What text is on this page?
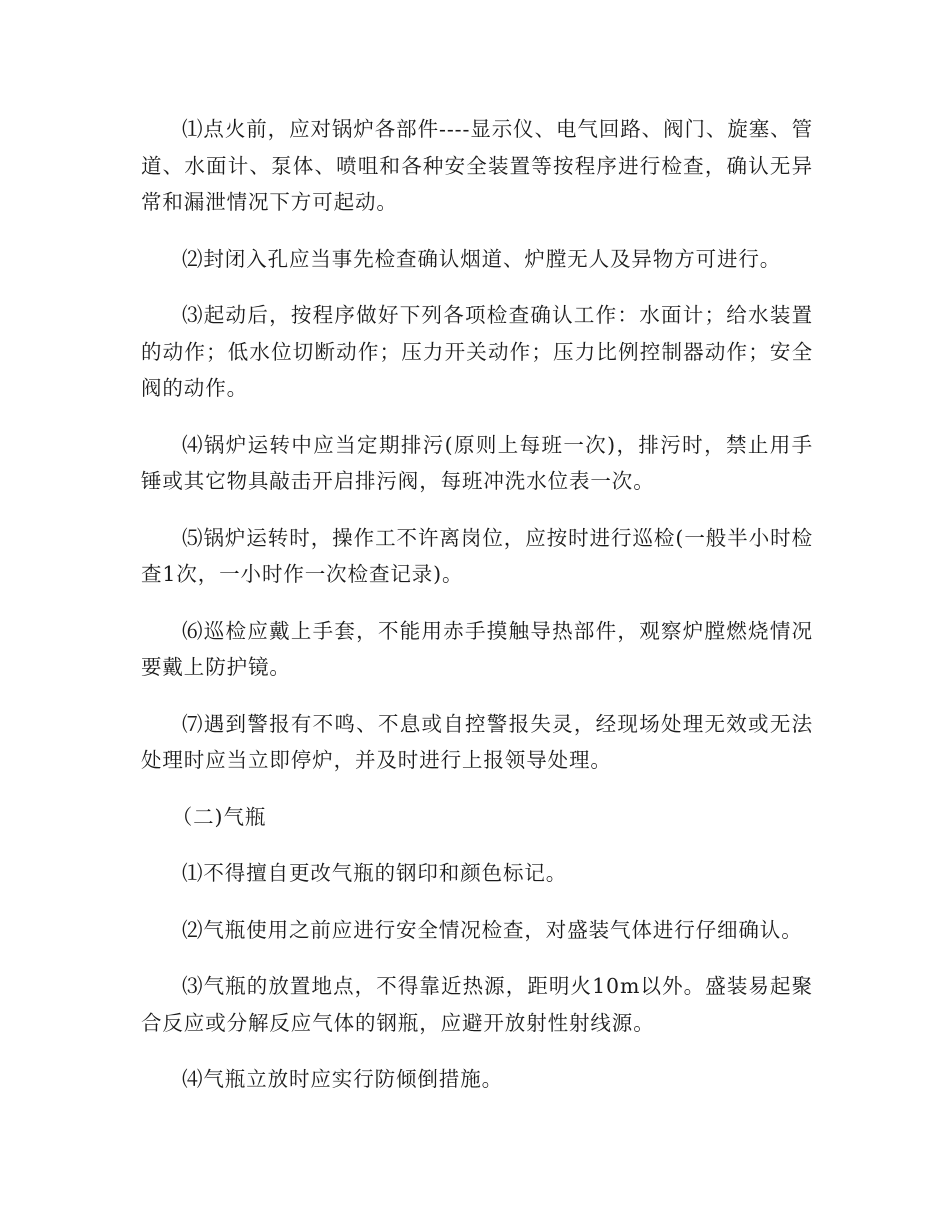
⑴点火前，应对锅炉各部件----显示仪、电气回路、阀门、旋塞、管道、水面计、泵体、喷咀和各种安全装置等按程序进行检查，确认无异常和漏泄情况下方可起动。

⑵封闭入孔应当事先检查确认烟道、炉膛无人及异物方可进行。

⑶起动后，按程序做好下列各项检查确认工作：水面计；给水装置的动作；低水位切断动作；压力开关动作；压力比例控制器动作；安全阀的动作。

⑷锅炉运转中应当定期排污(原则上每班一次)，排污时，禁止用手锤或其它物具敲击开启排污阀，每班冲洗水位表一次。

⑸锅炉运转时，操作工不许离岗位，应按时进行巡检(一般半小时检查1次，一小时作一次检查记录)。

⑹巡检应戴上手套，不能用赤手摸触导热部件，观察炉膛燃烧情况要戴上防护镜。

⑺遇到警报有不鸣、不息或自控警报失灵，经现场处理无效或无法处理时应当立即停炉，并及时进行上报领导处理。

（二)气瓶

⑴不得擅自更改气瓶的钢印和颜色标记。

⑵气瓶使用之前应进行安全情况检查，对盛装气体进行仔细确认。

⑶气瓶的放置地点，不得靠近热源，距明火10m以外。盛装易起聚合反应或分解反应气体的钢瓶，应避开放射性射线源。

⑷气瓶立放时应实行防倾倒措施。
